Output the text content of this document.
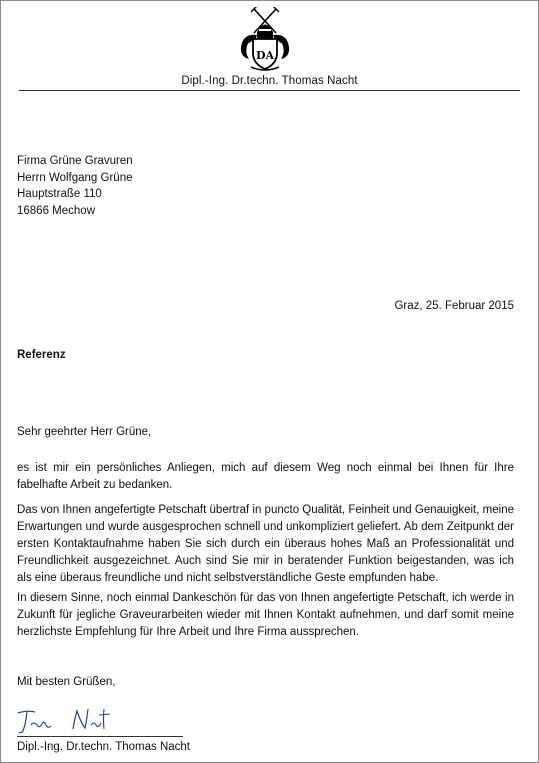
DA
Dipl.-Ing. Dr.techn. Thomas Nacht
Firma Grüne Gravuren
Herrn Wolfgang Grüne
Hauptstraße 110
16866 Mechow
Graz, 25. Februar 2015
Referenz
Sehr geehrter Herr Grüne,

es ist mir ein persönliches Anliegen, mich auf diesem Weg noch einmal bei Ihnen für Ihre fabelhafte Arbeit zu bedanken.

Das von Ihnen angefertigte Petschaft übertraf in puncto Qualität, Feinheit und Genauigkeit, meine Erwartungen und wurde ausgesprochen schnell und unkompliziert geliefert. Ab dem Zeitpunkt der ersten Kontaktaufnahme haben Sie sich durch ein überaus hohes Maß an Professionalität und Freundlichkeit ausgezeichnet. Auch sind Sie mir in beratender Funktion beigestanden, was ich als eine überaus freundliche und nicht selbstverständliche Geste empfunden habe.

In diesem Sinne, noch einmal Dankeschön für das von Ihnen angefertigte Petschaft, ich werde in Zukunft für jegliche Graveurarbeiten wieder mit Ihnen Kontakt aufnehmen, und darf somit meine herzlichste Empfehlung für Ihre Arbeit und Ihre Firma aussprechen.

Mit besten Grüßen,
Dipl.-Ing. Dr.techn. Thomas Nacht
